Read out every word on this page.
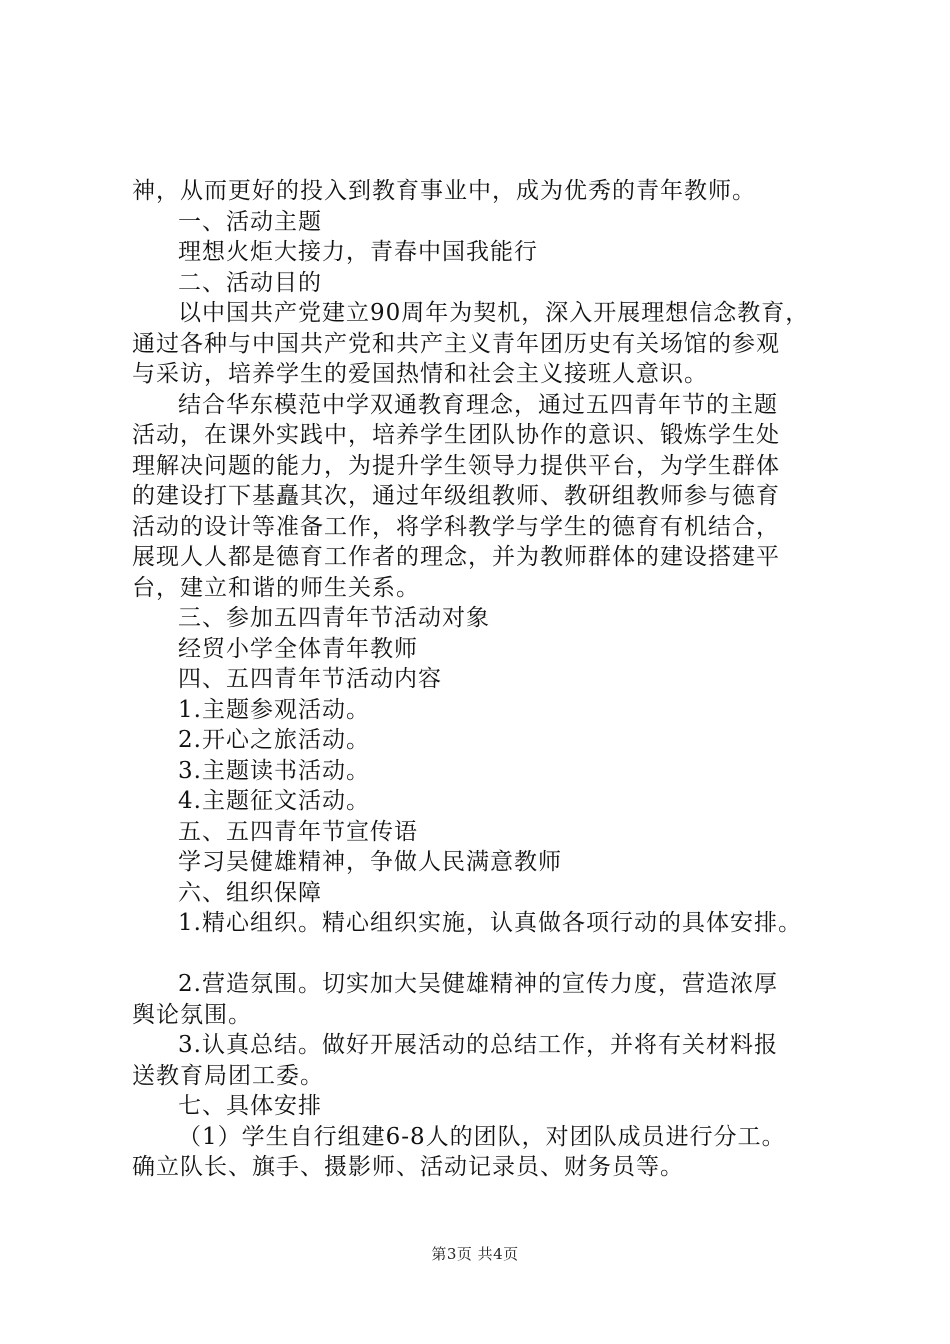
神，从而更好的投入到教育事业中，成为优秀的青年教师。
一、活动主题
理想火炬大接力，青春中国我能行
二、活动目的
以中国共产党建立90周年为契机，深入开展理想信念教育，
通过各种与中国共产党和共产主义青年团历史有关场馆的参观
与采访，培养学生的爱国热情和社会主义接班人意识。
结合华东模范中学双通教育理念，通过五四青年节的主题
活动，在课外实践中，培养学生团队协作的意识、锻炼学生处
理解决问题的能力，为提升学生领导力提供平台，为学生群体
的建设打下基矗其次，通过年级组教师、教研组教师参与德育
活动的设计等准备工作，将学科教学与学生的德育有机结合，
展现人人都是德育工作者的理念，并为教师群体的建设搭建平
台，建立和谐的师生关系。
三、参加五四青年节活动对象
经贸小学全体青年教师
四、五四青年节活动内容
1.主题参观活动。
2.开心之旅活动。
3.主题读书活动。
4.主题征文活动。
五、五四青年节宣传语
学习吴健雄精神，争做人民满意教师
六、组织保障
1.精心组织。精心组织实施，认真做各项行动的具体安排。
2.营造氛围。切实加大吴健雄精神的宣传力度，营造浓厚
舆论氛围。
3.认真总结。做好开展活动的总结工作，并将有关材料报
送教育局团工委。
七、具体安排
（1）学生自行组建6-8人的团队，对团队成员进行分工。
确立队长、旗手、摄影师、活动记录员、财务员等。
第3页 共4页
